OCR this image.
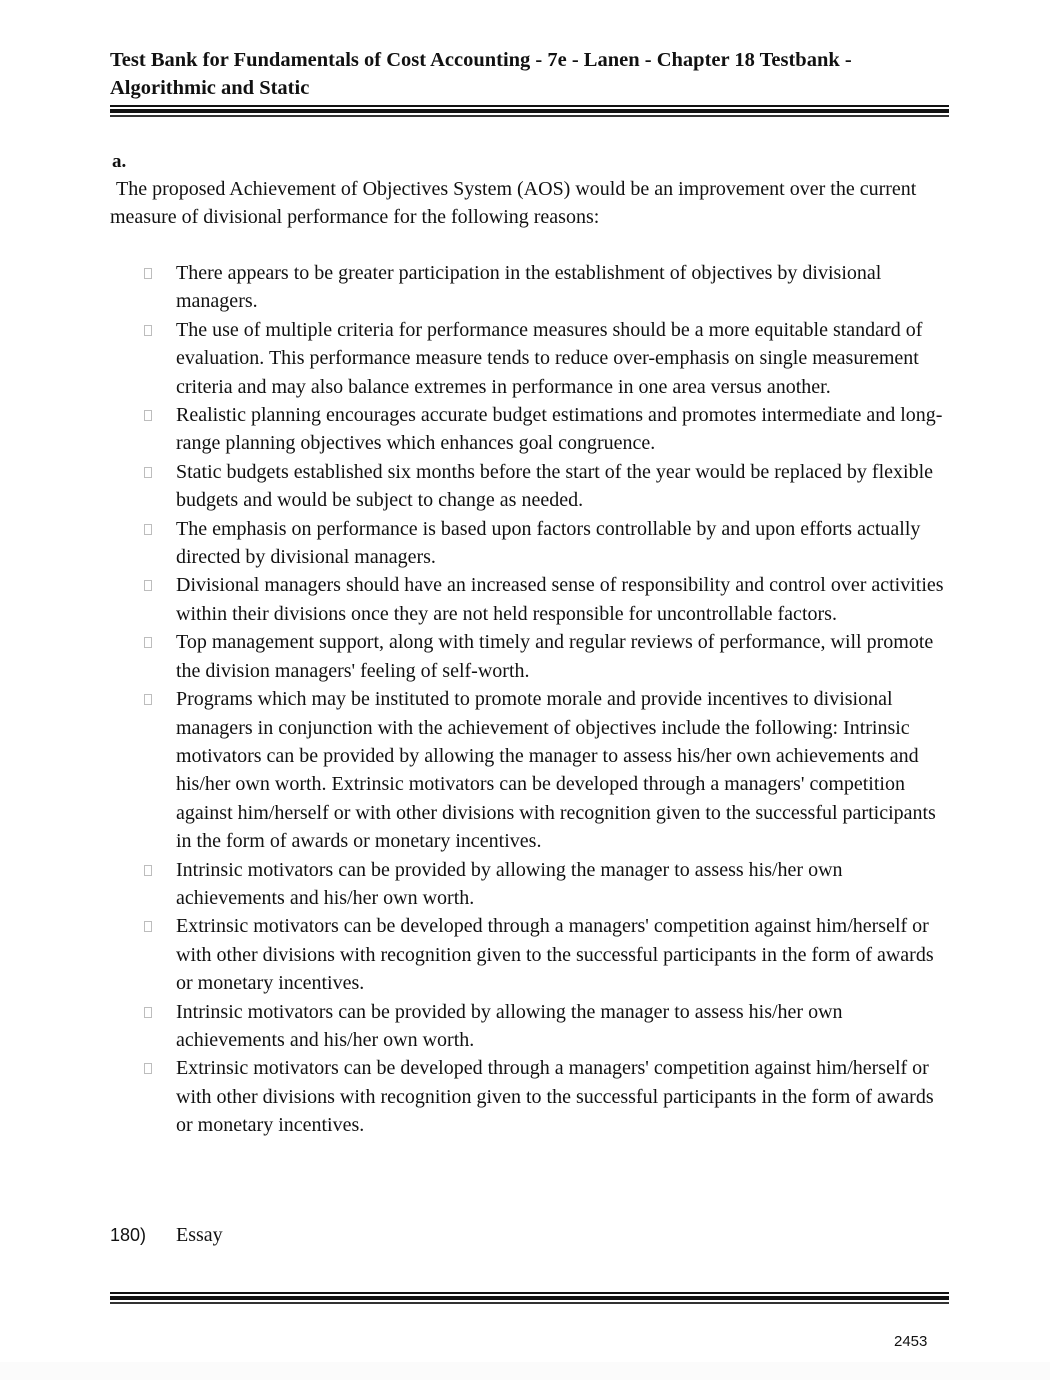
Test Bank for Fundamentals of Cost Accounting - 7e - Lanen - Chapter 18 Testbank - Algorithmic and Static
a.
The proposed Achievement of Objectives System (AOS) would be an improvement over the current measure of divisional performance for the following reasons:
There appears to be greater participation in the establishment of objectives by divisional managers.
The use of multiple criteria for performance measures should be a more equitable standard of evaluation. This performance measure tends to reduce over-emphasis on single measurement criteria and may also balance extremes in performance in one area versus another.
Realistic planning encourages accurate budget estimations and promotes intermediate and long-range planning objectives which enhances goal congruence.
Static budgets established six months before the start of the year would be replaced by flexible budgets and would be subject to change as needed.
The emphasis on performance is based upon factors controllable by and upon efforts actually directed by divisional managers.
Divisional managers should have an increased sense of responsibility and control over activities within their divisions once they are not held responsible for uncontrollable factors.
Top management support, along with timely and regular reviews of performance, will promote the division managers' feeling of self-worth.
Programs which may be instituted to promote morale and provide incentives to divisional managers in conjunction with the achievement of objectives include the following: Intrinsic motivators can be provided by allowing the manager to assess his/her own achievements and his/her own worth. Extrinsic motivators can be developed through a managers' competition against him/herself or with other divisions with recognition given to the successful participants in the form of awards or monetary incentives.
Intrinsic motivators can be provided by allowing the manager to assess his/her own achievements and his/her own worth.
Extrinsic motivators can be developed through a managers' competition against him/herself or with other divisions with recognition given to the successful participants in the form of awards or monetary incentives.
Intrinsic motivators can be provided by allowing the manager to assess his/her own achievements and his/her own worth.
Extrinsic motivators can be developed through a managers' competition against him/herself or with other divisions with recognition given to the successful participants in the form of awards or monetary incentives.
180) Essay
2453
